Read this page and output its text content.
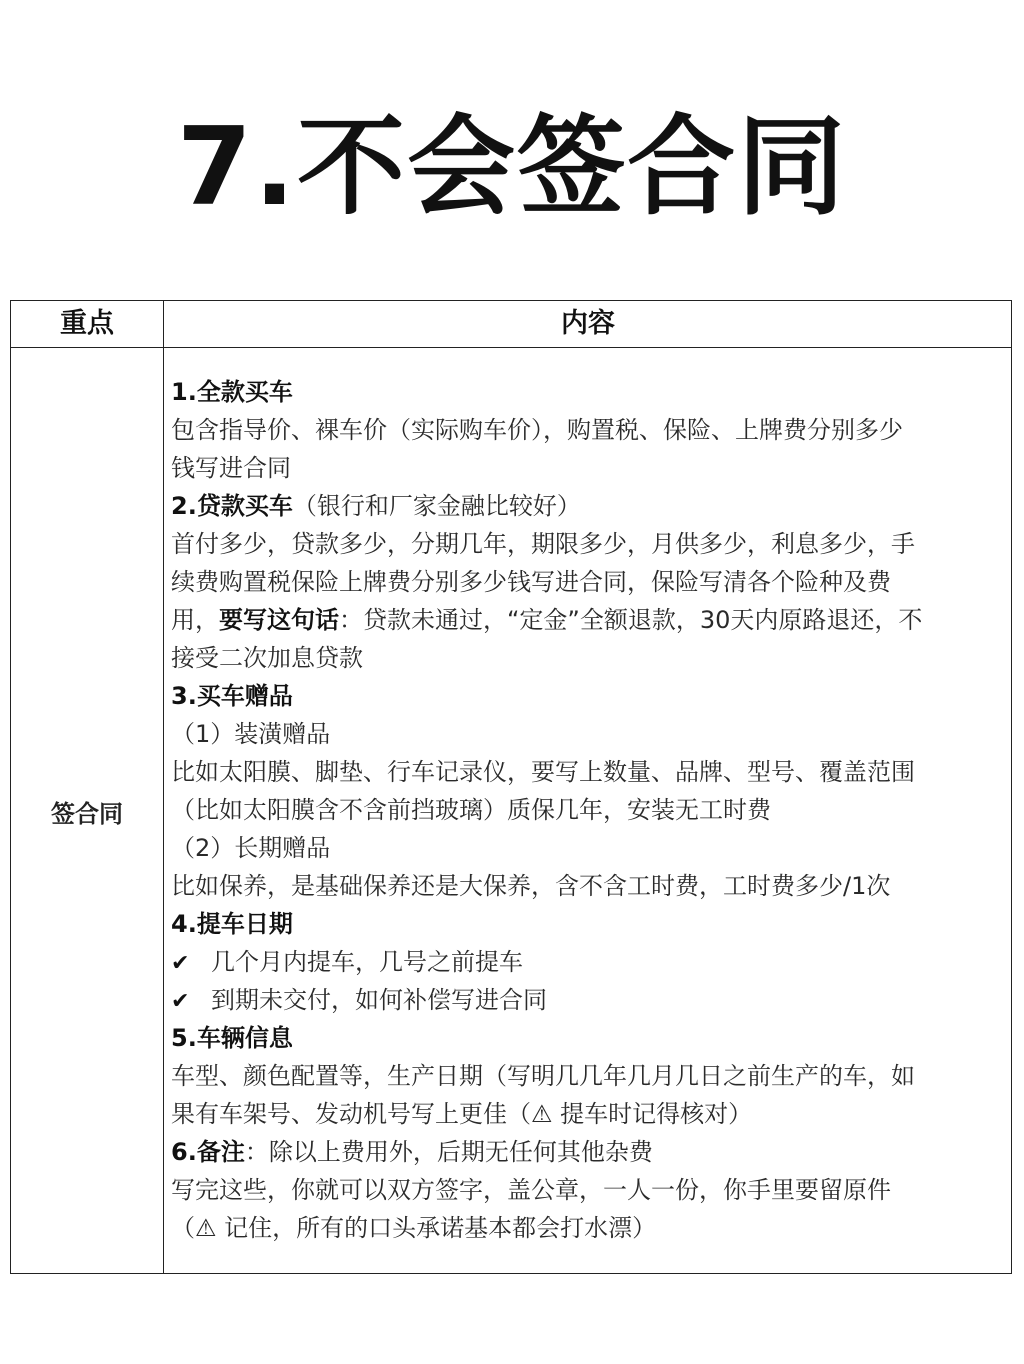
7.不会签合同
重点	内容
签合同
1.全款买车
包含指导价、裸车价（实际购车价），购置税、保险、上牌费分别多少
钱写进合同
2.贷款买车（银行和厂家金融比较好）
首付多少，贷款多少，分期几年，期限多少，月供多少，利息多少，手
续费购置税保险上牌费分别多少钱写进合同，保险写清各个险种及费
用，要写这句话：贷款未通过，“定金”全额退款，30天内原路退还，不
接受二次加息贷款
3.买车赠品
（1）装潢赠品
比如太阳膜、脚垫、行车记录仪，要写上数量、品牌、型号、覆盖范围
（比如太阳膜含不含前挡玻璃）质保几年，安装无工时费
（2）长期赠品
比如保养，是基础保养还是大保养，含不含工时费，工时费多少/1次
4.提车日期
✔ 几个月内提车，几号之前提车
✔ 到期未交付，如何补偿写进合同
5.车辆信息
车型、颜色配置等，生产日期（写明几几年几月几日之前生产的车，如
果有车架号、发动机号写上更佳（⚠ 提车时记得核对）
6.备注：除以上费用外，后期无任何其他杂费
写完这些，你就可以双方签字，盖公章，一人一份，你手里要留原件
（⚠ 记住，所有的口头承诺基本都会打水漂）
